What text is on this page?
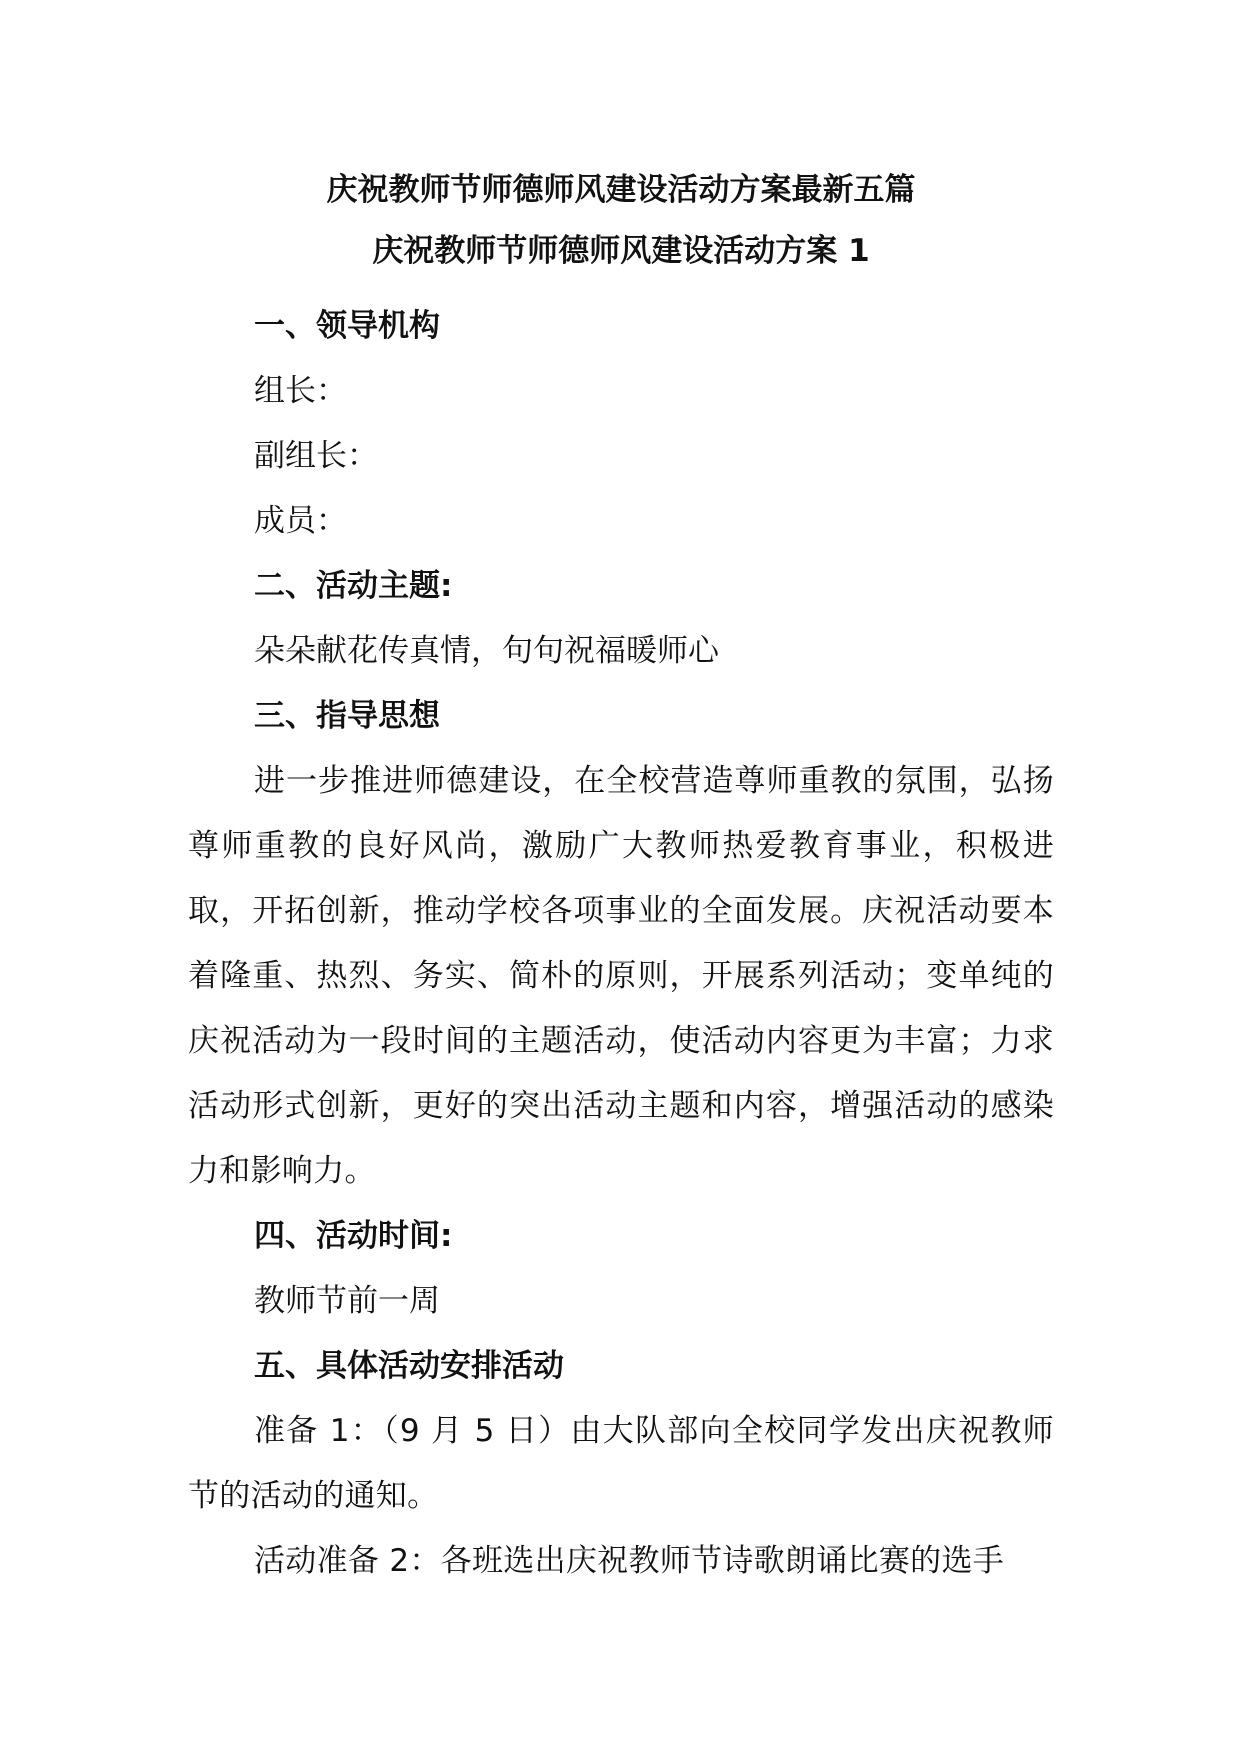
庆祝教师节师德师风建设活动方案最新五篇

庆祝教师节师德师风建设活动方案 1

一、领导机构

组长：

副组长：

成员：

二、活动主题:

朵朵献花传真情，句句祝福暖师心

三、指导思想

进一步推进师德建设，在全校营造尊师重教的氛围，弘扬尊师重教的良好风尚，激励广大教师热爱教育事业，积极进取，开拓创新，推动学校各项事业的全面发展。庆祝活动要本着隆重、热烈、务实、简朴的原则，开展系列活动；变单纯的庆祝活动为一段时间的主题活动，使活动内容更为丰富；力求活动形式创新，更好的突出活动主题和内容，增强活动的感染力和影响力。

四、活动时间:

教师节前一周

五、具体活动安排活动

准备 1：（9 月 5 日）由大队部向全校同学发出庆祝教师节的活动的通知。

活动准备 2：各班选出庆祝教师节诗歌朗诵比赛的选手
